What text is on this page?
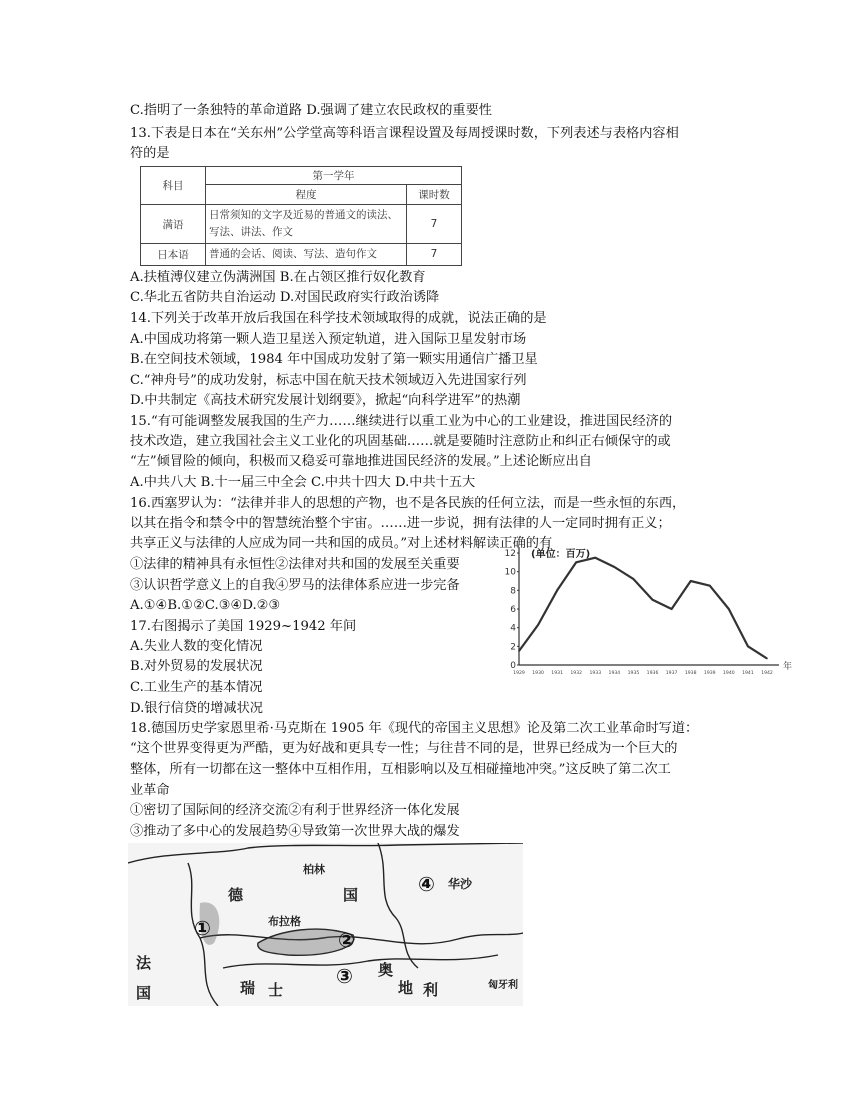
C.指明了一条独特的革命道路 D.强调了建立农民政权的重要性
13.下表是日本在“关东州”公学堂高等科语言课程设置及每周授课时数，下列表述与表格内容相
符的是
科目	第一学年	
	程度	课时数
满语	日常须知的文字及近易的普通文的读法、写法、讲法、作文	7
日本语	普通的会话、阅读、写法、造句作文	7
A.扶植溥仪建立伪满洲国 B.在占领区推行奴化教育
C.华北五省防共自治运动 D.对国民政府实行政治诱降
14.下列关于改革开放后我国在科学技术领域取得的成就，说法正确的是
A.中国成功将第一颗人造卫星送入预定轨道，进入国际卫星发射市场
B.在空间技术领域，1984 年中国成功发射了第一颗实用通信广播卫星
C.“神舟号”的成功发射，标志中国在航天技术领域迈入先进国家行列
D.中共制定《高技术研究发展计划纲要》，掀起“向科学进军”的热潮
15.“有可能调整发展我国的生产力……继续进行以重工业为中心的工业建设，推进国民经济的
技术改造，建立我国社会主义工业化的巩固基础……就是要随时注意防止和纠正右倾保守的或
“左”倾冒险的倾向，积极而又稳妥可靠地推进国民经济的发展。”上述论断应出自
A.中共八大 B.十一届三中全会 C.中共十四大 D.中共十五大
16.西塞罗认为：“法律并非人的思想的产物，也不是各民族的任何立法，而是一些永恒的东西，
以其在指令和禁令中的智慧统治整个宇宙。……进一步说，拥有法律的人一定同时拥有正义；
共享正义与法律的人应成为同一共和国的成员。”对上述材料解读正确的有
①法律的精神具有永恒性②法律对共和国的发展至关重要
③认识哲学意义上的自我④罗马的法律体系应进一步完备
A.①④B.①②C.③④D.②③
17.右图揭示了美国 1929~1942 年间
A.失业人数的变化情况
B.对外贸易的发展状况
C.工业生产的基本情况
D.银行信贷的增减状况
18.德国历史学家恩里希·马克斯在 1905 年《现代的帝国主义思想》论及第二次工业革命时写道：
“这个世界变得更为严酷，更为好战和更具专一性；与往昔不同的是，世界已经成为一个巨大的
整体，所有一切都在这一整体中互相作用，互相影响以及互相碰撞地冲突。”这反映了第二次工
业革命
①密切了国际间的经济交流②有利于世界经济一体化发展
③推动了多中心的发展趋势④导致第一次世界大战的爆发
(单位：百万)
0
2
4
6
8
10
12
1929 1930 1931 1932 1933 1934 1935 1936 1937 1938 1939 1940 1941 1942
年
德	国
柏林
华沙
法
国
布拉格
奥
地 利
瑞 士	匈牙利
①	②
③
④
